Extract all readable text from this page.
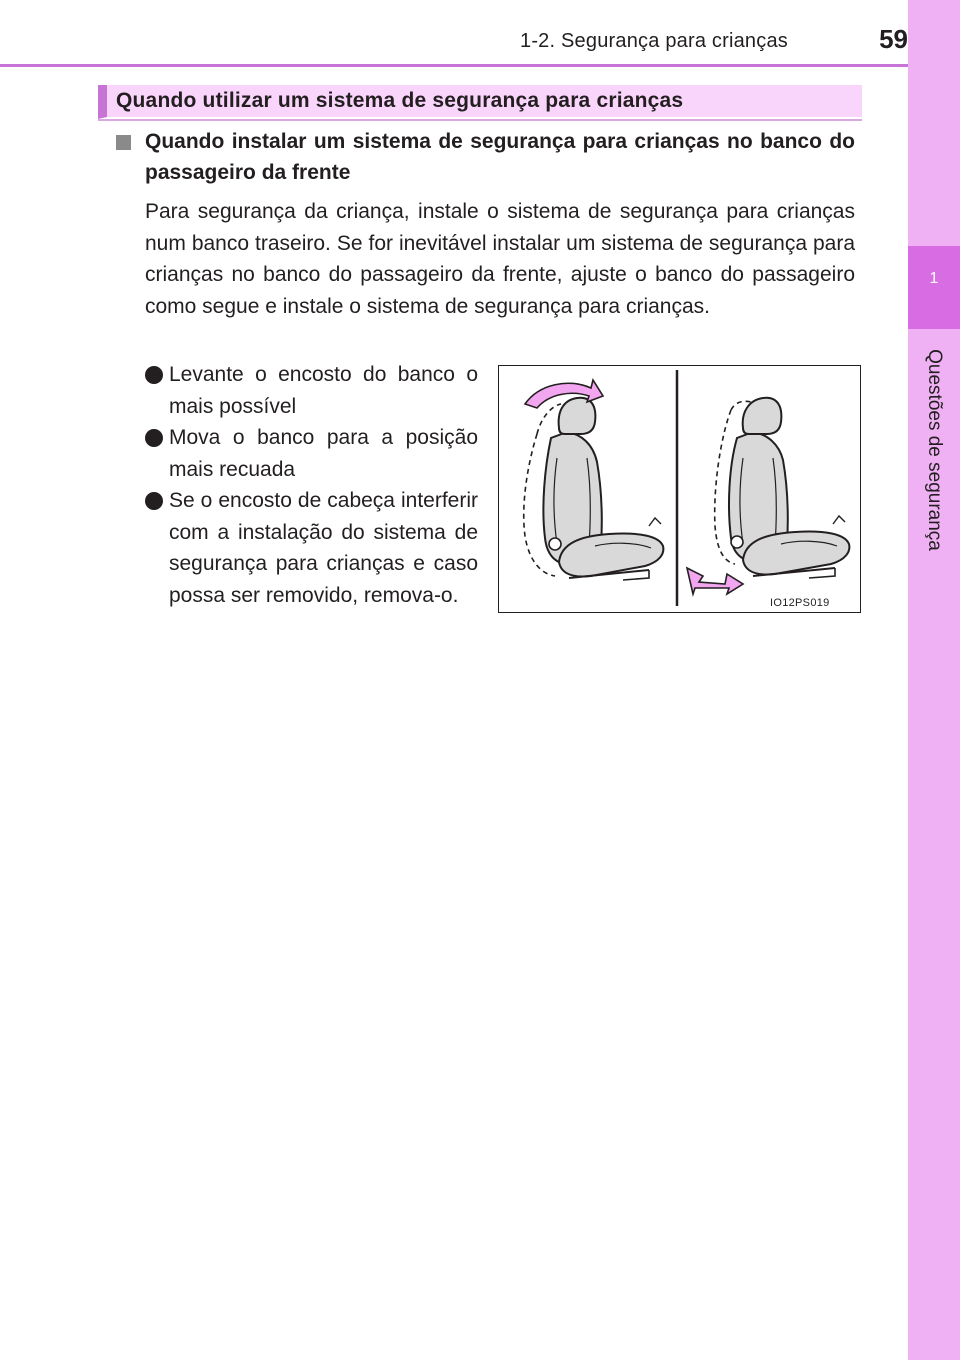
1-2. Segurança para crianças	59
1
Questões de segurança
Quando utilizar um sistema de segurança para crianças

Quando instalar um sistema de segurança para crianças no banco do passageiro da frente

Para segurança da criança, instale o sistema de segurança para crianças num banco traseiro. Se for inevitável instalar um sistema de segurança para crianças no banco do passageiro da frente, ajuste o banco do passageiro como segue e instale o sistema de segurança para crianças.

Levante o encosto do banco o mais possível
Mova o banco para a posição mais recuada
Se o encosto de cabeça interferir com a instalação do sistema de segurança para crianças e caso possa ser removido, remova-o.	IO12PS019
